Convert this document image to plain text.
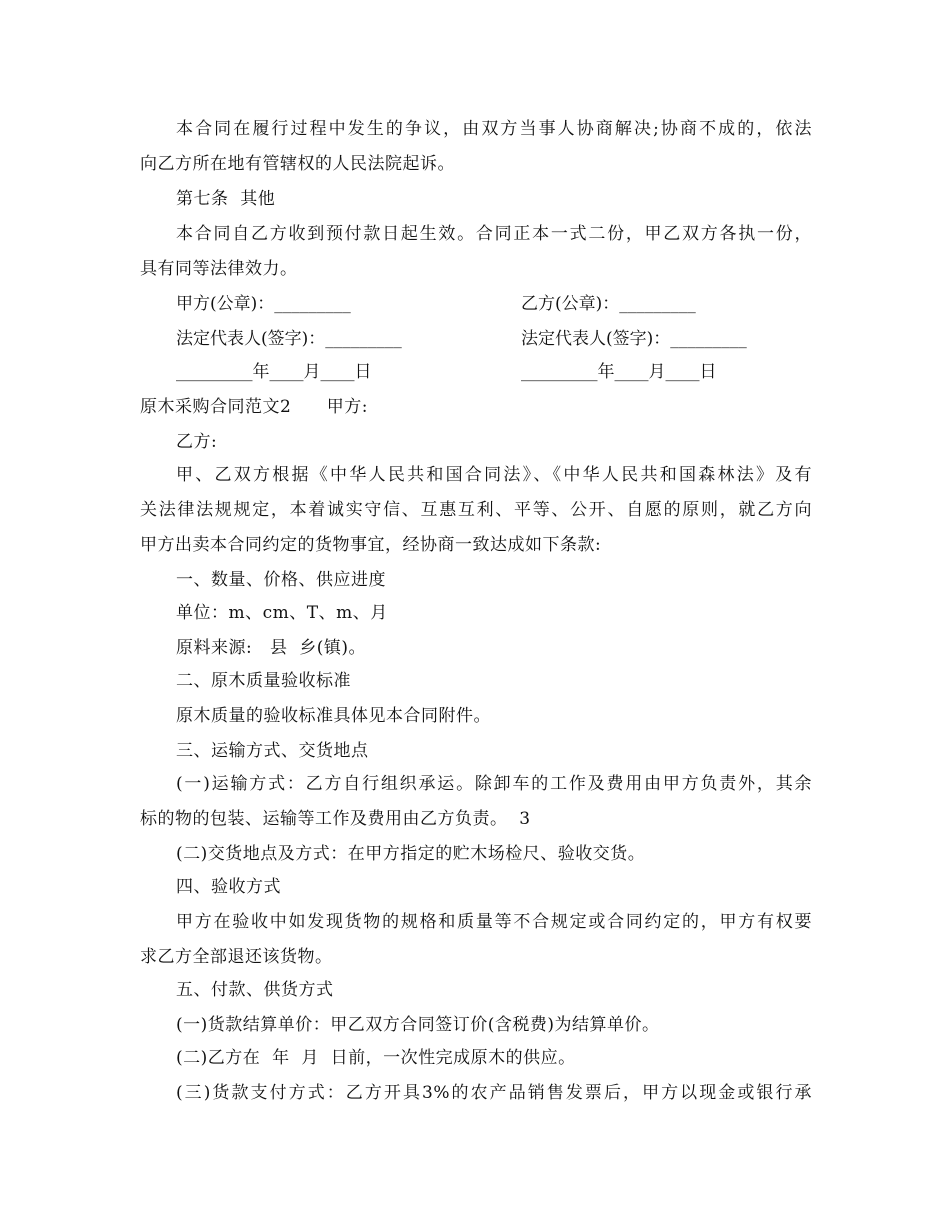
本合同在履行过程中发生的争议，由双方当事人协商解决;协商不成的，依法
向乙方所在地有管辖权的人民法院起诉。
第七条  其他
本合同自乙方收到预付款日起生效。合同正本一式二份，甲乙双方各执一份，
具有同等法律效力。
甲方(公章)：_________	乙方(公章)：_________
法定代表人(签字)：_________	法定代表人(签字)：_________
_________年____月____日	_________年____月____日
原木采购合同范文2      甲方:
乙方:
甲、乙双方根据《中华人民共和国合同法》、《中华人民共和国森林法》及有
关法律法规规定，本着诚实守信、互惠互利、平等、公开、自愿的原则，就乙方向
甲方出卖本合同约定的货物事宜，经协商一致达成如下条款:
一、数量、价格、供应进度
单位：m、cm、T、m、月
原料来源:   县  乡(镇)。
二、原木质量验收标准
原木质量的验收标准具体见本合同附件。
三、运输方式、交货地点
(一)运输方式：乙方自行组织承运。除卸车的工作及费用由甲方负责外，其余
标的物的包装、运输等工作及费用由乙方负责。  3
(二)交货地点及方式：在甲方指定的贮木场检尺、验收交货。
四、验收方式
甲方在验收中如发现货物的规格和质量等不合规定或合同约定的，甲方有权要
求乙方全部退还该货物。
五、付款、供货方式
(一)货款结算单价：甲乙双方合同签订价(含税费)为结算单价。
(二)乙方在  年  月  日前，一次性完成原木的供应。
(三)货款支付方式：乙方开具3%的农产品销售发票后，甲方以现金或银行承
